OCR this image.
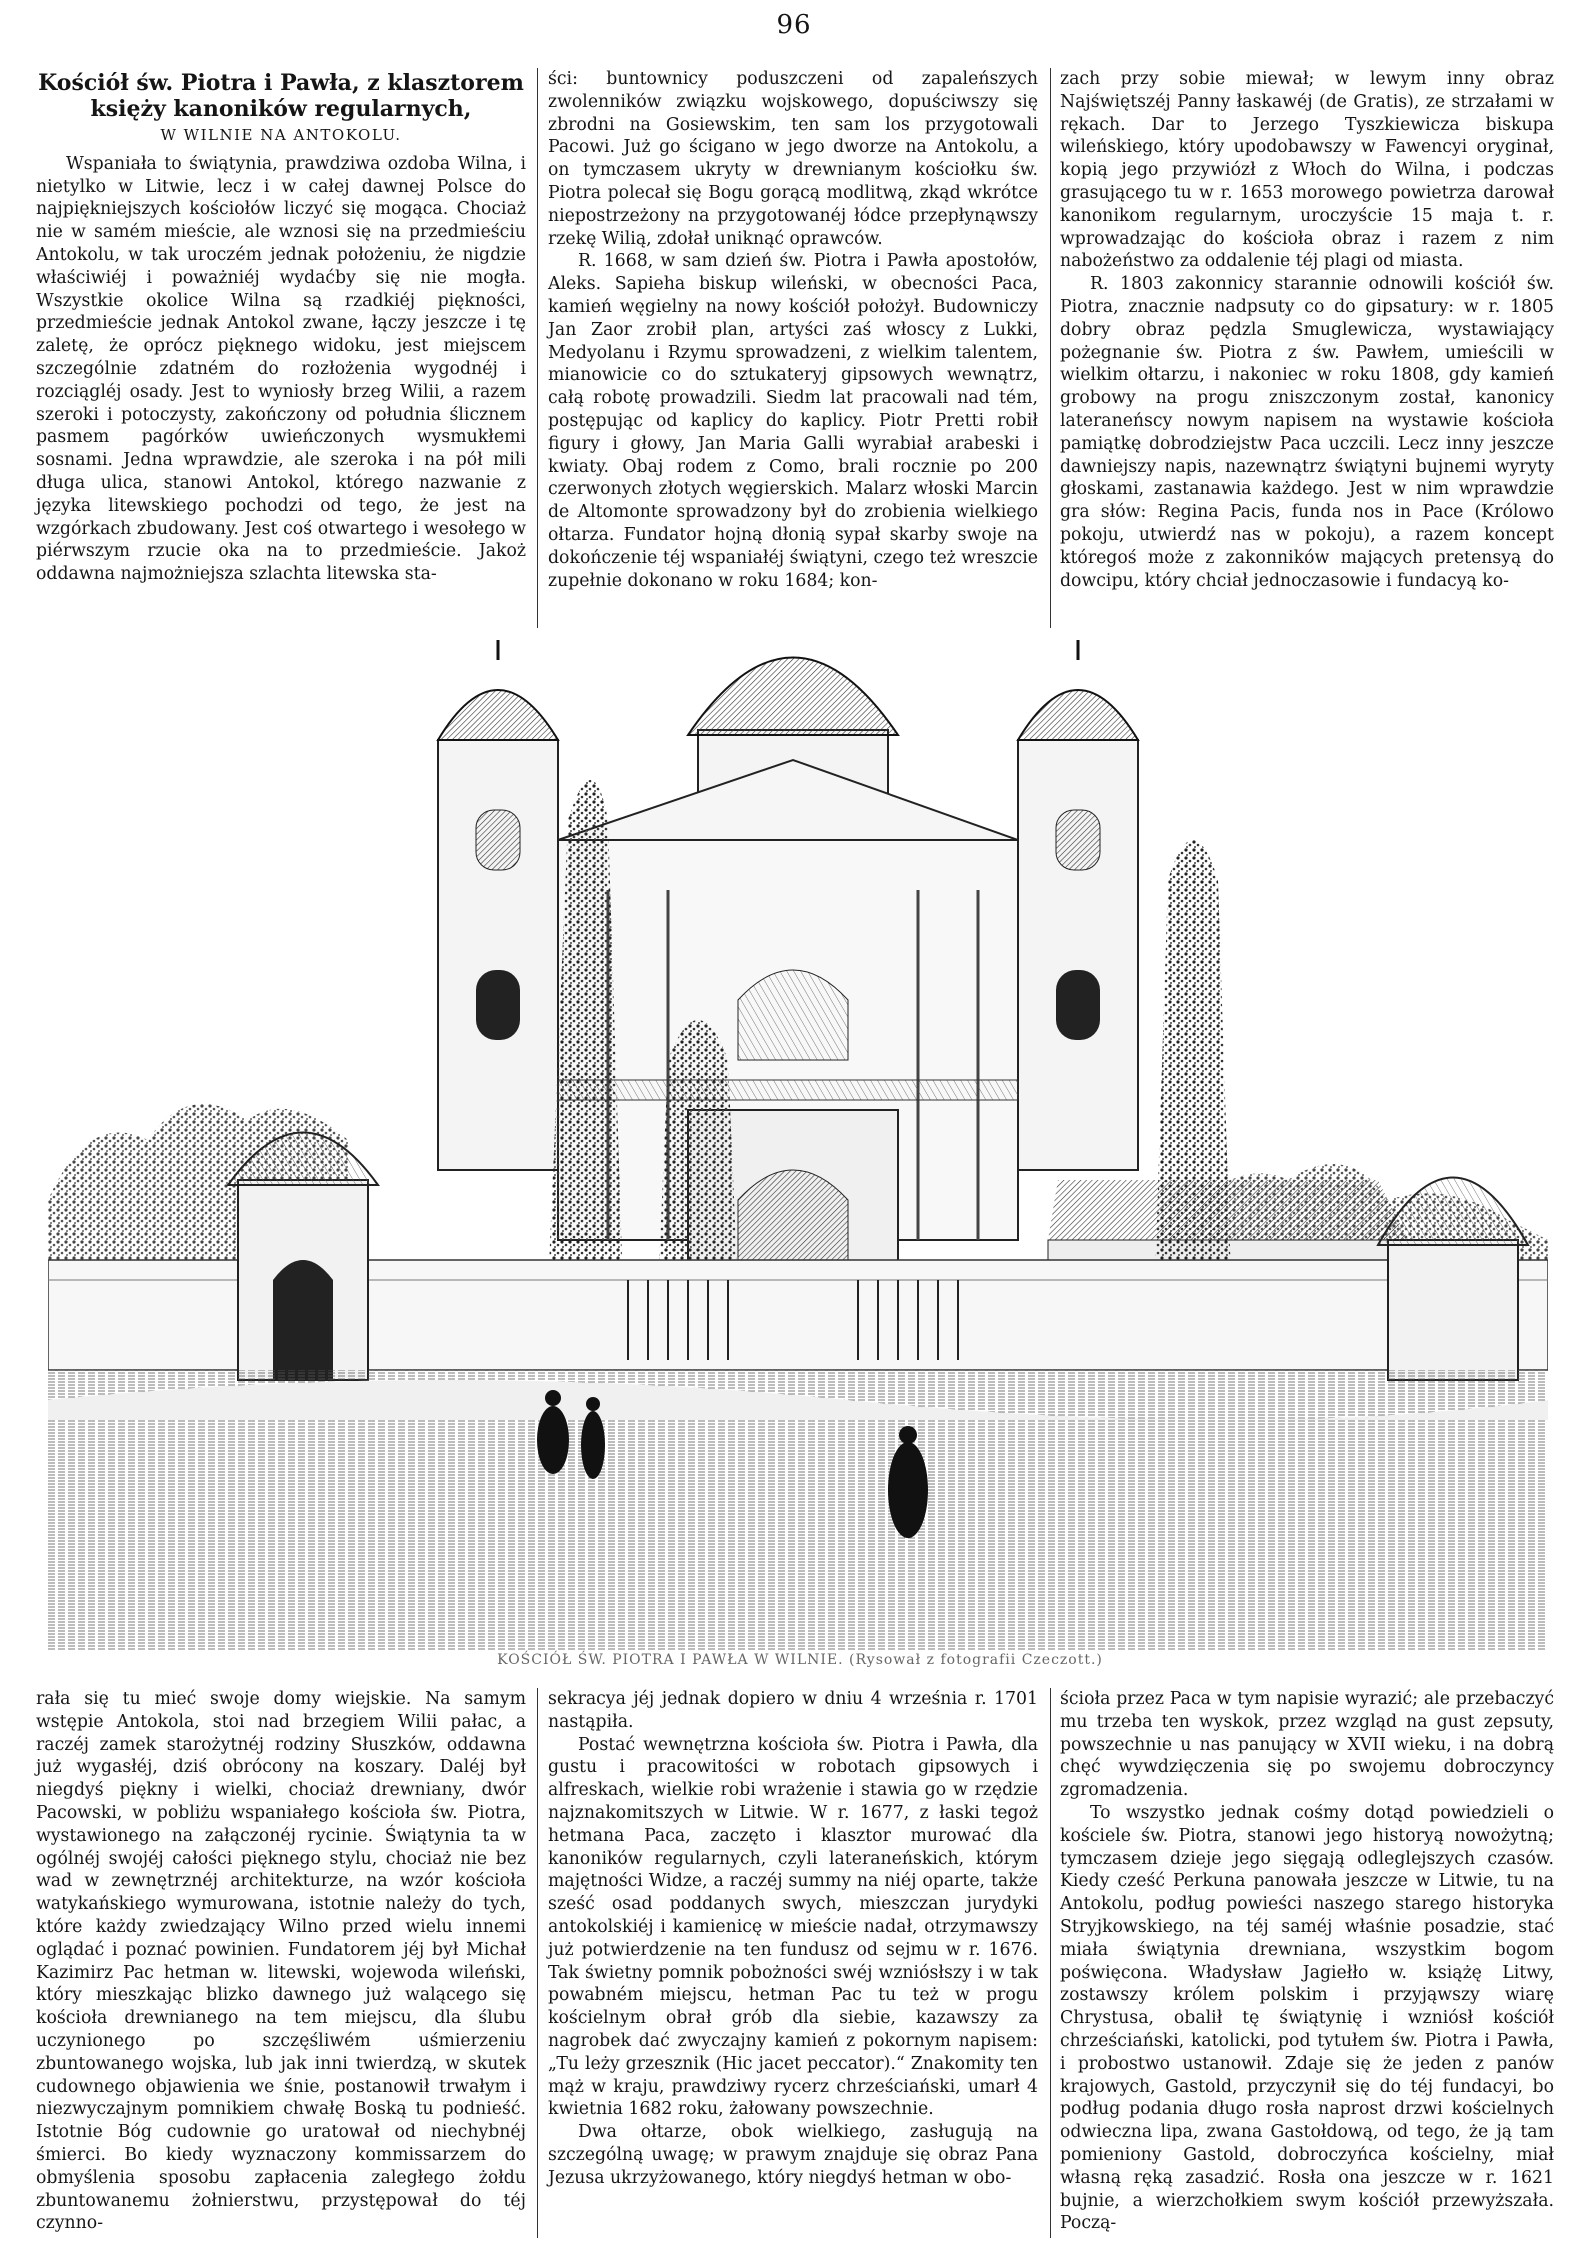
96
Kościół św. Piotra i Pawła, z klasztorem
księży kanoników regularnych,
W WILNIE NA ANTOKOLU.

Wspaniała to świątynia, prawdziwa ozdoba Wilna, i nietylko w Litwie, lecz i w całej dawnej Polsce do najpiękniejszych kościołów liczyć się mogąca. Chociaż nie w samém mieście, ale wznosi się na przedmieściu Antokolu, w tak uroczém jednak położeniu, że nigdzie właściwiéj i poważniéj wydaćby się nie mogła. Wszystkie okolice Wilna są rzadkiéj piękności, przedmieście jednak Antokol zwane, łączy jeszcze i tę zaletę, że oprócz pięknego widoku, jest miejscem szczególnie zdatném do rozłożenia wygodnéj i rozciągléj osady. Jest to wyniosły brzeg Wilii, a razem szeroki i potoczysty, zakończony od południa ślicznem pasmem pagórków uwieńczonych wysmukłemi sosnami. Jedna wprawdzie, ale szeroka i na pół mili długa ulica, stanowi Antokol, którego nazwanie z języka litewskiego pochodzi od tego, że jest na wzgórkach zbudowany. Jest coś otwartego i wesołego w piérwszym rzucie oka na to przedmieście. Jakoż oddawna najmożniejsza szlachta litewska sta-

ści: buntownicy poduszczeni od zapaleńszych zwolenników związku wojskowego, dopuściwszy się zbrodni na Gosiewskim, ten sam los przygotowali Pacowi. Już go ścigano w jego dworze na Antokolu, a on tymczasem ukryty w drewnianym kościołku św. Piotra polecał się Bogu gorącą modlitwą, zkąd wkrótce niepostrzeżony na przygotowanéj łódce przepłynąwszy rzekę Wilią, zdołał uniknąć oprawców.

R. 1668, w sam dzień św. Piotra i Pawła apostołów, Aleks. Sapieha biskup wileński, w obecności Paca, kamień węgielny na nowy kościół położył. Budowniczy Jan Zaor zrobił plan, artyści zaś włoscy z Lukki, Medyolanu i Rzymu sprowadzeni, z wielkim talentem, mianowicie co do sztukateryj gipsowych wewnątrz, całą robotę prowadzili. Siedm lat pracowali nad tém, postępując od kaplicy do kaplicy. Piotr Pretti robił figury i głowy, Jan Maria Galli wyrabiał arabeski i kwiaty. Obaj rodem z Como, brali rocznie po 200 czerwonych złotych węgierskich. Malarz włoski Marcin de Altomonte sprowadzony był do zrobienia wielkiego ołtarza. Fundator hojną dłonią sypał skarby swoje na dokończenie téj wspaniałéj świątyni, czego też wreszcie zupełnie dokonano w roku 1684; kon-

zach przy sobie miewał; w lewym inny obraz Najświętszéj Panny łaskawéj (de Gratis), ze strzałami w rękach. Dar to Jerzego Tyszkiewicza biskupa wileńskiego, który upodobawszy w Fawencyi oryginał, kopią jego przywiózł z Włoch do Wilna, i podczas grasującego tu w r. 1653 morowego powietrza darował kanonikom regularnym, uroczyście 15 maja t. r. wprowadzając do kościoła obraz i razem z nim nabożeństwo za oddalenie téj plagi od miasta.

R. 1803 zakonnicy starannie odnowili kościół św. Piotra, znacznie nadpsuty co do gipsatury: w r. 1805 dobry obraz pędzla Smuglewicza, wystawiający pożegnanie św. Piotra z św. Pawłem, umieścili w wielkim ołtarzu, i nakoniec w roku 1808, gdy kamień grobowy na progu zniszczonym został, kanonicy lateraneńscy nowym napisem na wystawie kościoła pamiątkę dobrodziejstw Paca uczcili. Lecz inny jeszcze dawniejszy napis, nazewnątrz świątyni bujnemi wyryty głoskami, zastanawia każdego. Jest w nim wprawdzie gra słów: Regina Pacis, funda nos in Pace (Królowo pokoju, utwierdź nas w pokoju), a razem koncept któregoś może z zakonników mających pretensyą do dowcipu, który chciał jednoczasowie i fundacyą ko-

KOŚCIÓŁ ŚW. PIOTRA I PAWŁA W WILNIE. (Rysował z fotografii Czeczott.)

rała się tu mieć swoje domy wiejskie. Na samym wstępie Antokola, stoi nad brzegiem Wilii pałac, a raczéj zamek starożytnéj rodziny Słuszków, oddawna już wygasłéj, dziś obrócony na koszary. Daléj był niegdyś piękny i wielki, chociaż drewniany, dwór Pacowski, w pobliżu wspaniałego kościoła św. Piotra, wystawionego na załączonéj rycinie. Świątynia ta w ogólnéj swojéj całości pięknego stylu, chociaż nie bez wad w zewnętrznéj architekturze, na wzór kościoła watykańskiego wymurowana, istotnie należy do tych, które każdy zwiedzający Wilno przed wielu innemi oglądać i poznać powinien. Fundatorem jéj był Michał Kazimirz Pac hetman w. litewski, wojewoda wileński, który mieszkając blizko dawnego już walącego się kościoła drewnianego na tem miejscu, dla ślubu uczynionego po szczęśliwém uśmierzeniu zbuntowanego wojska, lub jak inni twierdzą, w skutek cudownego objawienia we śnie, postanowił trwałym i niezwyczajnym pomnikiem chwałę Boską tu podnieść. Istotnie Bóg cudownie go uratował od niechybnéj śmierci. Bo kiedy wyznaczony kommissarzem do obmyślenia sposobu zapłacenia zaległego żołdu zbuntowanemu żołnierstwu, przystępował do téj czynno-

sekracya jéj jednak dopiero w dniu 4 września r. 1701 nastąpiła.

Postać wewnętrzna kościoła św. Piotra i Pawła, dla gustu i pracowitości w robotach gipsowych i alfreskach, wielkie robi wrażenie i stawia go w rzędzie najznakomitszych w Litwie. W r. 1677, z łaski tegoż hetmana Paca, zaczęto i klasztor murować dla kanoników regularnych, czyli lateraneńskich, którym majętności Widze, a raczéj summy na niéj oparte, także sześć osad poddanych swych, mieszczan jurydyki antokolskiéj i kamienicę w mieście nadał, otrzymawszy już potwierdzenie na ten fundusz od sejmu w r. 1676. Tak świetny pomnik pobożności swéj wzniósłszy i w tak powabném miejscu, hetman Pac tu też w progu kościelnym obrał grób dla siebie, kazawszy za nagrobek dać zwyczajny kamień z pokornym napisem: „Tu leży grzesznik (Hic jacet peccator).“ Znakomity ten mąż w kraju, prawdziwy rycerz chrześciański, umarł 4 kwietnia 1682 roku, żałowany powszechnie.

Dwa ołtarze, obok wielkiego, zasługują na szczególną uwagę; w prawym znajduje się obraz Pana Jezusa ukrzyżowanego, który niegdyś hetman w obo-

ścioła przez Paca w tym napisie wyrazić; ale przebaczyć mu trzeba ten wyskok, przez wzgląd na gust zepsuty, powszechnie u nas panujący w XVII wieku, i na dobrą chęć wywdzięczenia się po swojemu dobroczyncy zgromadzenia.

To wszystko jednak cośmy dotąd powiedzieli o kościele św. Piotra, stanowi jego historyą nowożytną; tymczasem dzieje jego sięgają odleglejszych czasów. Kiedy cześć Perkuna panowała jeszcze w Litwie, tu na Antokolu, podług powieści naszego starego historyka Stryjkowskiego, na téj saméj właśnie posadzie, stać miała świątynia drewniana, wszystkim bogom poświęcona. Władysław Jagiełło w. książę Litwy, zostawszy królem polskim i przyjąwszy wiarę Chrystusa, obalił tę świątynię i wzniósł kościół chrześciański, katolicki, pod tytułem św. Piotra i Pawła, i probostwo ustanowił. Zdaje się że jeden z panów krajowych, Gastold, przyczynił się do téj fundacyi, bo podług podania długo rosła naprost drzwi kościelnych odwieczna lipa, zwana Gastołdową, od tego, że ją tam pomieniony Gastold, dobroczyńca kościelny, miał własną ręką zasadzić. Rosła ona jeszcze w r. 1621 bujnie, a wierzchołkiem swym kościół przewyższała. Począ-
